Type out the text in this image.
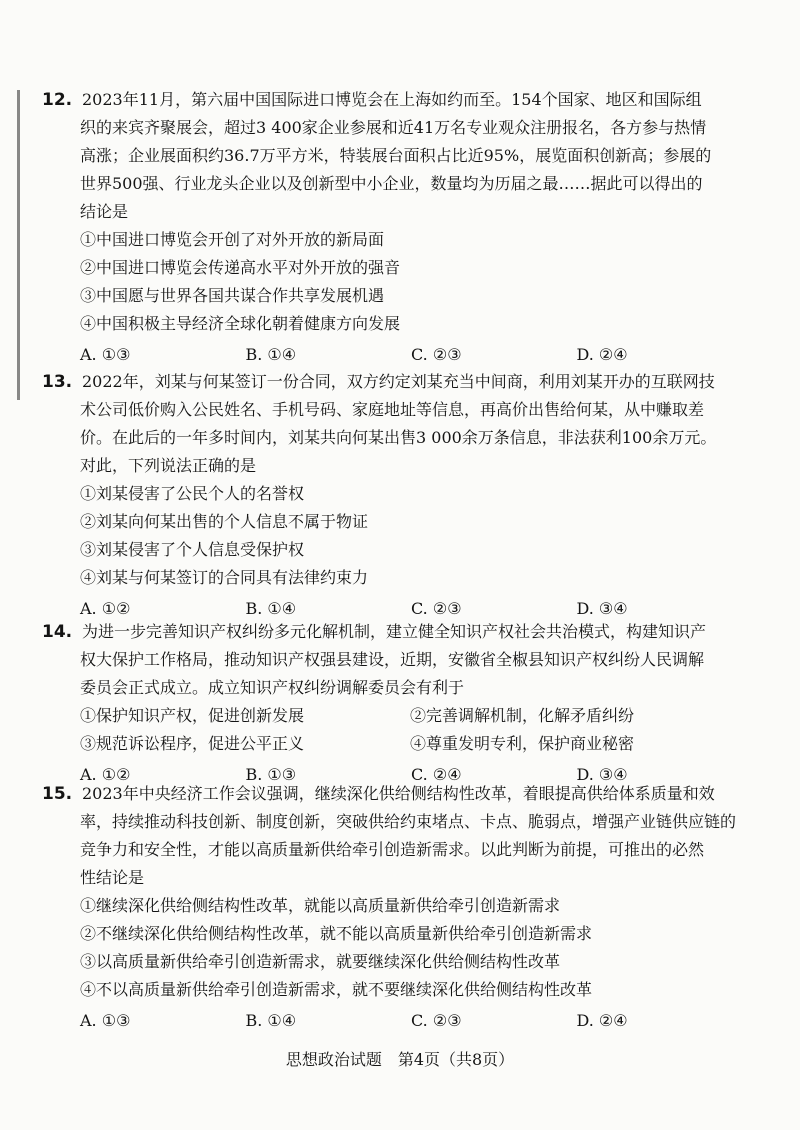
12. 2023年11月，第六届中国国际进口博览会在上海如约而至。154个国家、地区和国际组
织的来宾齐聚展会，超过3 400家企业参展和近41万名专业观众注册报名，各方参与热情
高涨；企业展面积约36.7万平方米，特装展台面积占比近95%，展览面积创新高；参展的
世界500强、行业龙头企业以及创新型中小企业，数量均为历届之最……据此可以得出的
结论是
①中国进口博览会开创了对外开放的新局面
②中国进口博览会传递高水平对外开放的强音
③中国愿与世界各国共谋合作共享发展机遇
④中国积极主导经济全球化朝着健康方向发展
A. ①③	B. ①④	C. ②③	D. ②④
13. 2022年，刘某与何某签订一份合同，双方约定刘某充当中间商，利用刘某开办的互联网技
术公司低价购入公民姓名、手机号码、家庭地址等信息，再高价出售给何某，从中赚取差
价。在此后的一年多时间内，刘某共向何某出售3 000余万条信息，非法获利100余万元。
对此，下列说法正确的是
①刘某侵害了公民个人的名誉权
②刘某向何某出售的个人信息不属于物证
③刘某侵害了个人信息受保护权
④刘某与何某签订的合同具有法律约束力
A. ①②	B. ①④	C. ②③	D. ③④
14. 为进一步完善知识产权纠纷多元化解机制，建立健全知识产权社会共治模式，构建知识产
权大保护工作格局，推动知识产权强县建设，近期，安徽省全椒县知识产权纠纷人民调解
委员会正式成立。成立知识产权纠纷调解委员会有利于
①保护知识产权，促进创新发展	②完善调解机制，化解矛盾纠纷
③规范诉讼程序，促进公平正义	④尊重发明专利，保护商业秘密
A. ①②	B. ①③	C. ②④	D. ③④
15. 2023年中央经济工作会议强调，继续深化供给侧结构性改革，着眼提高供给体系质量和效
率，持续推动科技创新、制度创新，突破供给约束堵点、卡点、脆弱点，增强产业链供应链的
竞争力和安全性，才能以高质量新供给牵引创造新需求。以此判断为前提，可推出的必然
性结论是
①继续深化供给侧结构性改革，就能以高质量新供给牵引创造新需求
②不继续深化供给侧结构性改革，就不能以高质量新供给牵引创造新需求
③以高质量新供给牵引创造新需求，就要继续深化供给侧结构性改革
④不以高质量新供给牵引创造新需求，就不要继续深化供给侧结构性改革
A. ①③	B. ①④	C. ②③	D. ②④
思想政治试题　第4页（共8页）
